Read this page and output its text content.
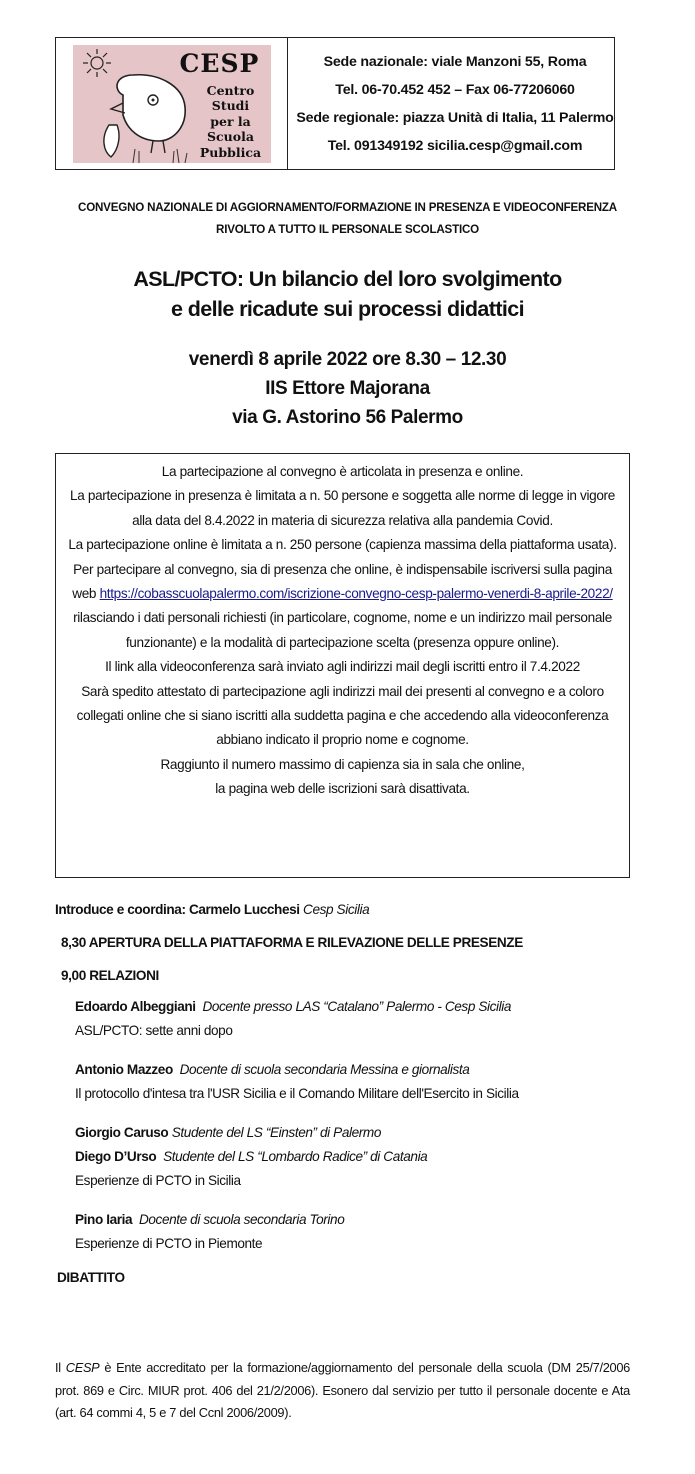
CESP
Centro Studi
per la
Scuola
Pubblica
Sede nazionale: viale Manzoni 55, Roma
Tel. 06-70.452 452 – Fax 06-77206060
Sede regionale: piazza Unità di Italia, 11 Palermo
Tel. 091349192 sicilia.cesp@gmail.com
CONVEGNO NAZIONALE DI AGGIORNAMENTO/FORMAZIONE IN PRESENZA E VIDEOCONFERENZA
RIVOLTO A TUTTO IL PERSONALE SCOLASTICO
ASL/PCTO: Un bilancio del loro svolgimento
e delle ricadute sui processi didattici
venerdì 8 aprile 2022 ore 8.30 – 12.30
IIS Ettore Majorana
via G. Astorino 56 Palermo

La partecipazione al convegno è articolata in presenza e online.

La partecipazione in presenza è limitata a n. 50 persone e soggetta alle norme di legge in vigore alla data del 8.4.2022 in materia di sicurezza relativa alla pandemia Covid.

La partecipazione online è limitata a n. 250 persone (capienza massima della piattaforma usata).

Per partecipare al convegno, sia di presenza che online, è indispensabile iscriversi sulla pagina web https://cobasscuolapalermo.com/iscrizione-convegno-cesp-palermo-venerdi-8-aprile-2022/ rilasciando i dati personali richiesti (in particolare, cognome, nome e un indirizzo mail personale funzionante) e la modalità di partecipazione scelta (presenza oppure online).

Il link alla videoconferenza sarà inviato agli indirizzi mail degli iscritti entro il 7.4.2022

Sarà spedito attestato di partecipazione agli indirizzi mail dei presenti al convegno e a coloro collegati online che si siano iscritti alla suddetta pagina e che accedendo alla videoconferenza abbiano indicato il proprio nome e cognome.

Raggiunto il numero massimo di capienza sia in sala che online,
la pagina web delle iscrizioni sarà disattivata.

Introduce e coordina: Carmelo Lucchesi Cesp Sicilia
8,30 APERTURA DELLA PIATTAFORMA E RILEVAZIONE DELLE PRESENZE
9,00 RELAZIONI
Edoardo Albeggiani Docente presso LAS “Catalano” Palermo - Cesp Sicilia
ASL/PCTO: sette anni dopo
Antonio Mazzeo Docente di scuola secondaria Messina e giornalista
Il protocollo d'intesa tra l'USR Sicilia e il Comando Militare dell'Esercito in Sicilia
Giorgio Caruso Studente del LS “Einsten” di Palermo
Diego D’Urso Studente del LS “Lombardo Radice” di Catania
Esperienze di PCTO in Sicilia
Pino Iaria Docente di scuola secondaria Torino
Esperienze di PCTO in Piemonte
DIBATTITO
Il CESP è Ente accreditato per la formazione/aggiornamento del personale della scuola (DM 25/7/2006 prot. 869 e Circ. MIUR prot. 406 del 21/2/2006). Esonero dal servizio per tutto il personale docente e Ata (art. 64 commi 4, 5 e 7 del Ccnl 2006/2009).
